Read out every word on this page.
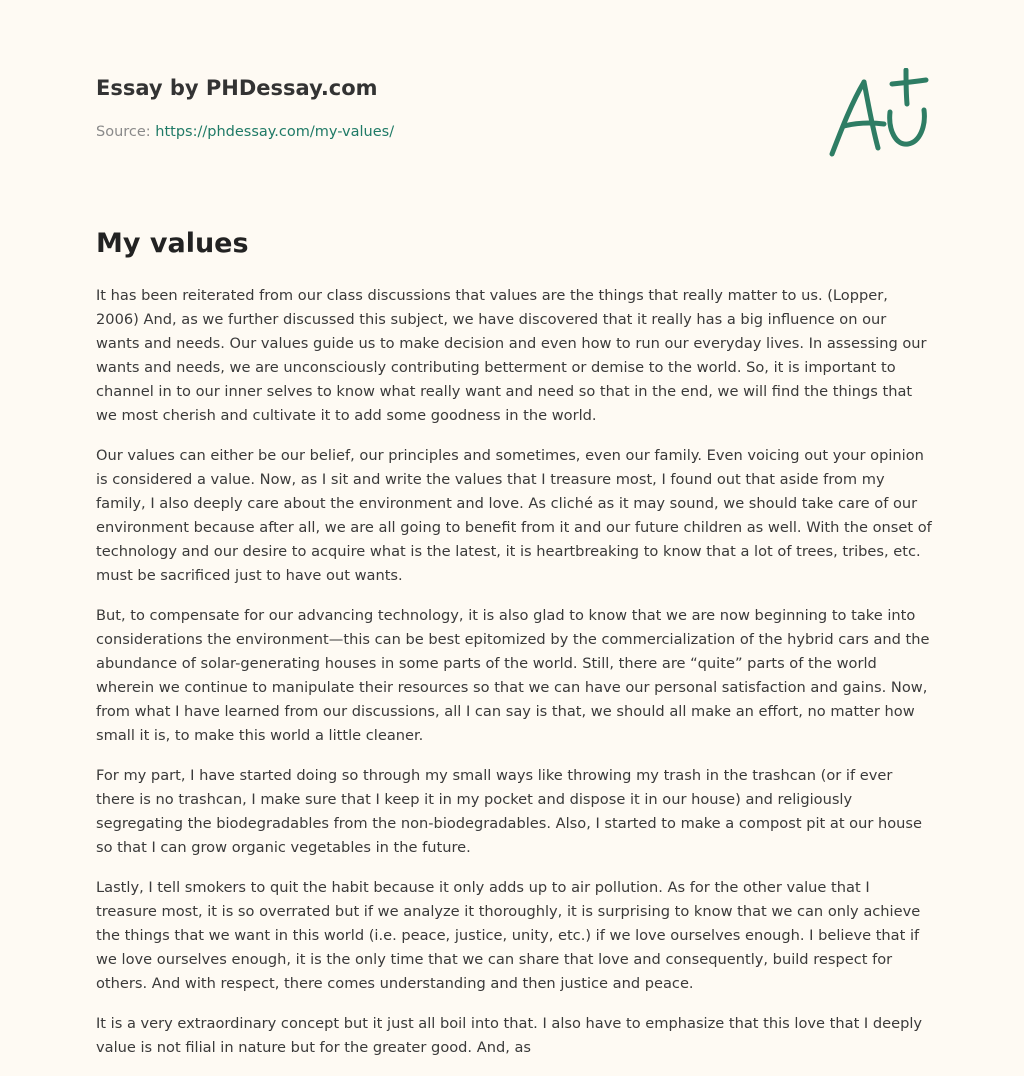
Essay by PHDessay.com
Source: https://phdessay.com/my-values/
My values

It has been reiterated from our class discussions that values are the things that really matter to us. (Lopper, 2006) And, as we further discussed this subject, we have discovered that it really has a big influence on our wants and needs. Our values guide us to make decision and even how to run our everyday lives. In assessing our wants and needs, we are unconsciously contributing betterment or demise to the world. So, it is important to channel in to our inner selves to know what really want and need so that in the end, we will find the things that we most cherish and cultivate it to add some goodness in the world.

Our values can either be our belief, our principles and sometimes, even our family. Even voicing out your opinion is considered a value. Now, as I sit and write the values that I treasure most, I found out that aside from my family, I also deeply care about the environment and love. As cliché as it may sound, we should take care of our environment because after all, we are all going to benefit from it and our future children as well. With the onset of technology and our desire to acquire what is the latest, it is heartbreaking to know that a lot of trees, tribes, etc. must be sacrificed just to have out wants.

But, to compensate for our advancing technology, it is also glad to know that we are now beginning to take into considerations the environment—this can be best epitomized by the commercialization of the hybrid cars and the abundance of solar-generating houses in some parts of the world. Still, there are “quite” parts of the world wherein we continue to manipulate their resources so that we can have our personal satisfaction and gains. Now, from what I have learned from our discussions, all I can say is that, we should all make an effort, no matter how small it is, to make this world a little cleaner.

For my part, I have started doing so through my small ways like throwing my trash in the trashcan (or if ever there is no trashcan, I make sure that I keep it in my pocket and dispose it in our house) and religiously segregating the biodegradables from the non-biodegradables. Also, I started to make a compost pit at our house so that I can grow organic vegetables in the future.

Lastly, I tell smokers to quit the habit because it only adds up to air pollution. As for the other value that I treasure most, it is so overrated but if we analyze it thoroughly, it is surprising to know that we can only achieve the things that we want in this world (i.e. peace, justice, unity, etc.) if we love ourselves enough. I believe that if we love ourselves enough, it is the only time that we can share that love and consequently, build respect for others. And with respect, there comes understanding and then justice and peace.

It is a very extraordinary concept but it just all boil into that. I also have to emphasize that this love that I deeply value is not filial in nature but for the greater good. And, as
